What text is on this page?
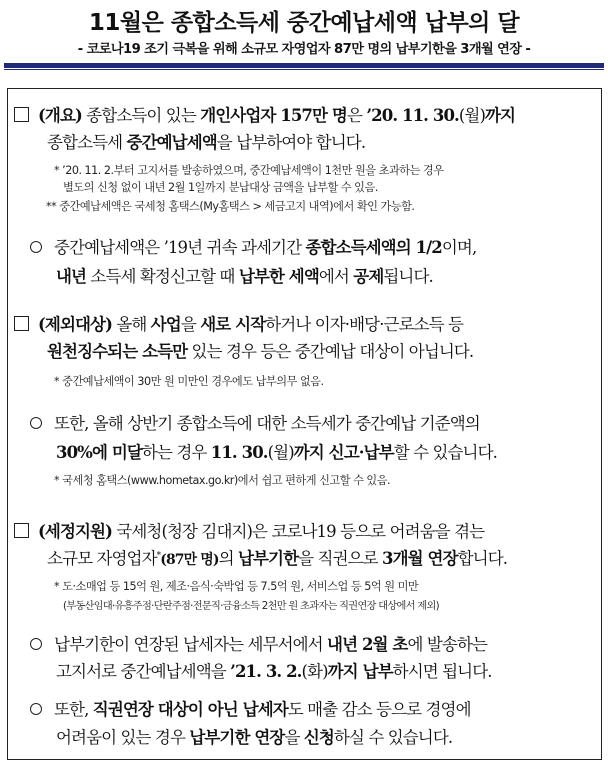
11월은 종합소득세 중간예납세액 납부의 달
- 코로나19 조기 극복을 위해 소규모 자영업자 87만 명의 납부기한을 3개월 연장 -
(개요) 종합소득이 있는 개인사업자 157만 명은 ’20. 11. 30.(월)까지
종합소득세 중간예납세액을 납부하여야 합니다.
* ’20. 11. 2.부터 고지서를 발송하였으며, 중간예납세액이 1천만 원을 초과하는 경우
별도의 신청 없이 내년 2월 1일까지 분납대상 금액을 납부할 수 있음.
** 중간예납세액은 국세청 홈택스(My홈택스 > 세금고지 내역)에서 확인 가능함.
중간예납세액은 ’19년 귀속 과세기간 종합소득세액의 1/2이며,
내년 소득세 확정신고할 때 납부한 세액에서 공제됩니다.
(제외대상) 올해 사업을 새로 시작하거나 이자·배당·근로소득 등
원천징수되는 소득만 있는 경우 등은 중간예납 대상이 아닙니다.
* 중간예납세액이 30만 원 미만인 경우에도 납부의무 없음.
또한, 올해 상반기 종합소득에 대한 소득세가 중간예납 기준액의
30%에 미달하는 경우 11. 30.(월)까지 신고·납부할 수 있습니다.
* 국세청 홈택스(www.hometax.go.kr)에서 쉽고 편하게 신고할 수 있음.
(세정지원) 국세청(청장 김대지)은 코로나19 등으로 어려움을 겪는
소규모 자영업자*(87만 명)의 납부기한을 직권으로 3개월 연장합니다.
* 도·소매업 등 15억 원, 제조·음식·숙박업 등 7.5억 원, 서비스업 등 5억 원 미만
(부동산임대·유흥주점·단란주점·전문직·금융소득 2천만 원 초과자는 직권연장 대상에서 제외)
납부기한이 연장된 납세자는 세무서에서 내년 2월 초에 발송하는
고지서로 중간예납세액을 ’21. 3. 2.(화)까지 납부하시면 됩니다.
또한, 직권연장 대상이 아닌 납세자도 매출 감소 등으로 경영에
어려움이 있는 경우 납부기한 연장을 신청하실 수 있습니다.
